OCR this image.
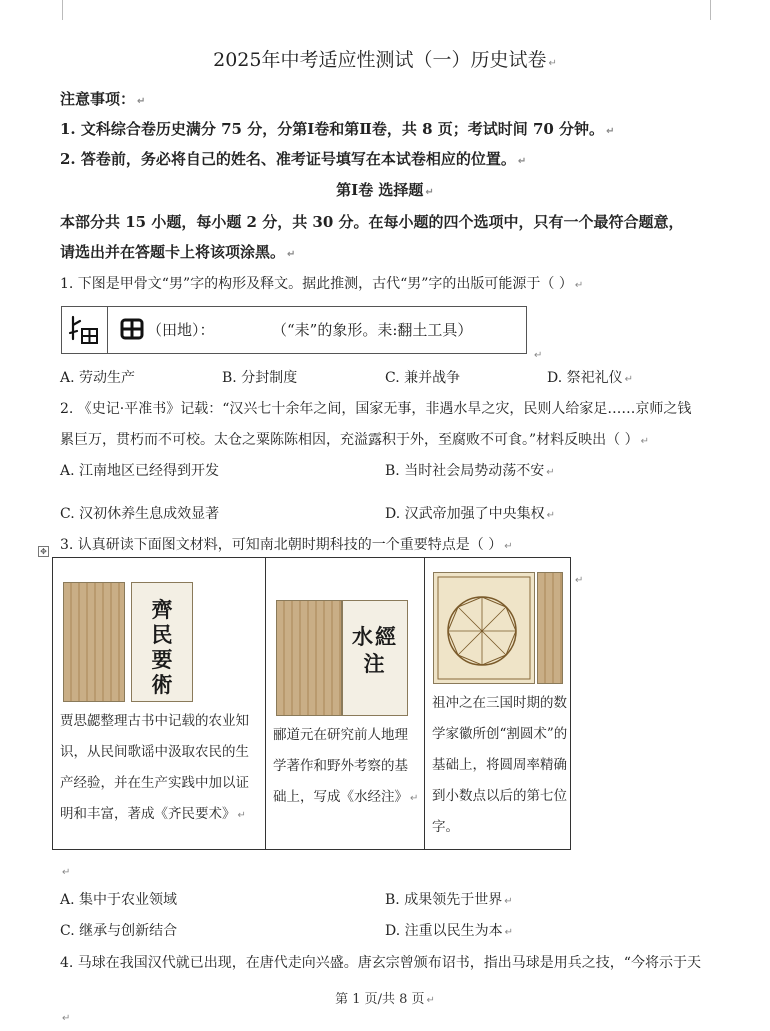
2025年中考适应性测试（一）历史试卷 ↵
注意事项： ↵
1. 文科综合卷历史满分 75 分，分第Ⅰ卷和第Ⅱ卷，共 8 页；考试时间 70 分钟。 ↵
2. 答卷前，务必将自己的姓名、准考证号填写在本试卷相应的位置。 ↵
第Ⅰ卷 选择题 ↵
本部分共 15 小题，每小题 2 分，共 30 分。在每小题的四个选项中，只有一个最符合题意，
请选出并在答题卡上将该项涂黑。 ↵
1. 下图是甲骨文“男”字的构形及释文。据此推测，古代“男”字的出版可能源于（ ） ↵
（田地）：	（“耒”的象形。耒:翻土工具）
↵
A. 劳动生产	B. 分封制度	C. 兼并战争	D. 祭祀礼仪 ↵
2. 《史记·平准书》记载：“汉兴七十余年之间，国家无事，非遇水旱之灾，民则人给家足……京师之钱
累巨万，贯朽而不可校。太仓之粟陈陈相因，充溢露积于外，至腐败不可食。”材料反映出（ ） ↵
A. 江南地区已经得到开发	B. 当时社会局势动荡不安 ↵
C. 汉初休养生息成效显著	D. 汉武帝加强了中央集权 ↵
✥ 3. 认真研读下面图文材料，可知南北朝时期科技的一个重要特点是（ ） ↵
齊民要術
贾思勰整理古书中记载的农业知识，从民间歌谣中汲取农民的生产经验，并在生产实践中加以证明和丰富，著成《齐民要术》 ↵
水經注
郦道元在研究前人地理学著作和野外考察的基础上，写成《水经注》 ↵
祖冲之在三国时期的数学家徽所创“割圆术”的基础上，将圆周率精确到小数点以后的第七位字。
↵
↵
A. 集中于农业领域	B. 成果领先于世界 ↵
C. 继承与创新结合	D. 注重以民生为本 ↵
4. 马球在我国汉代就已出现，在唐代走向兴盛。唐玄宗曾颁布诏书，指出马球是用兵之技，“今将示于天
第 1 页/共 8 页 ↵
↵
